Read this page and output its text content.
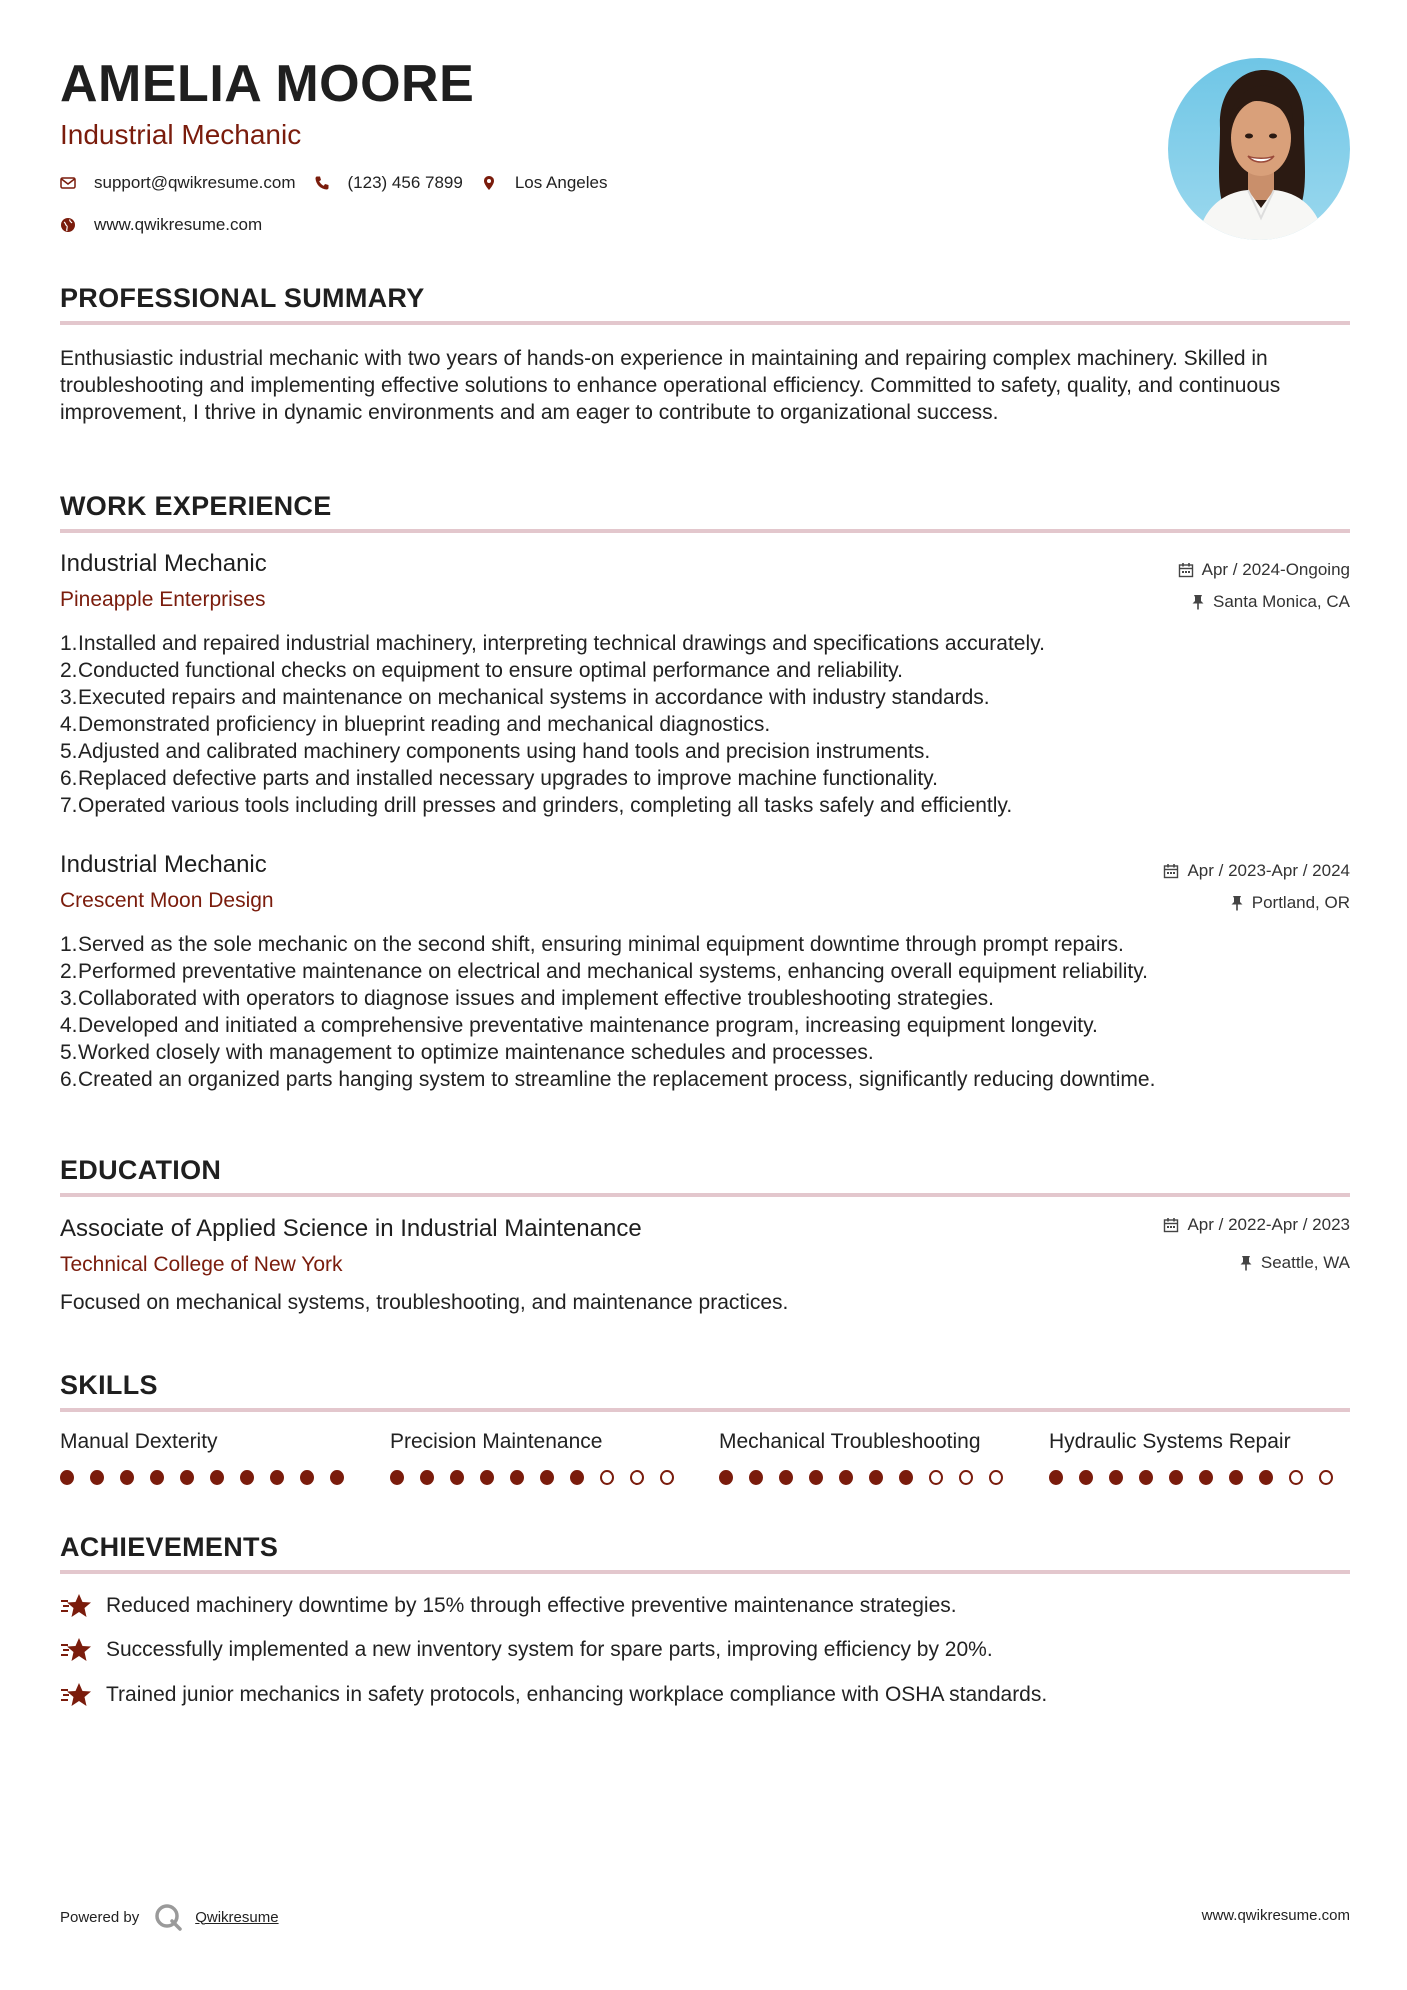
AMELIA MOORE
Industrial Mechanic
support@qwikresume.com	(123) 456 7899	Los Angeles
www.qwikresume.com
PROFESSIONAL SUMMARY
Enthusiastic industrial mechanic with two years of hands-on experience in maintaining and repairing complex machinery. Skilled in troubleshooting and implementing effective solutions to enhance operational efficiency. Committed to safety, quality, and continuous improvement, I thrive in dynamic environments and am eager to contribute to organizational success.
WORK EXPERIENCE
Industrial Mechanic
Pineapple Enterprises
Apr / 2024-Ongoing
Santa Monica, CA
1. Installed and repaired industrial machinery, interpreting technical drawings and specifications accurately.
2. Conducted functional checks on equipment to ensure optimal performance and reliability.
3. Executed repairs and maintenance on mechanical systems in accordance with industry standards.
4. Demonstrated proficiency in blueprint reading and mechanical diagnostics.
5. Adjusted and calibrated machinery components using hand tools and precision instruments.
6. Replaced defective parts and installed necessary upgrades to improve machine functionality.
7. Operated various tools including drill presses and grinders, completing all tasks safely and efficiently.
Industrial Mechanic
Crescent Moon Design
Apr / 2023-Apr / 2024
Portland, OR
1. Served as the sole mechanic on the second shift, ensuring minimal equipment downtime through prompt repairs.
2. Performed preventative maintenance on electrical and mechanical systems, enhancing overall equipment reliability.
3. Collaborated with operators to diagnose issues and implement effective troubleshooting strategies.
4. Developed and initiated a comprehensive preventative maintenance program, increasing equipment longevity.
5. Worked closely with management to optimize maintenance schedules and processes.
6. Created an organized parts hanging system to streamline the replacement process, significantly reducing downtime.
EDUCATION
Associate of Applied Science in Industrial Maintenance
Technical College of New York
Apr / 2022-Apr / 2023
Seattle, WA
Focused on mechanical systems, troubleshooting, and maintenance practices.
SKILLS
Manual Dexterity	Precision Maintenance	Mechanical Troubleshooting	Hydraulic Systems Repair
ACHIEVEMENTS
Reduced machinery downtime by 15% through effective preventive maintenance strategies.
Successfully implemented a new inventory system for spare parts, improving efficiency by 20%.
Trained junior mechanics in safety protocols, enhancing workplace compliance with OSHA standards.
Powered by	Qwikresume	www.qwikresume.com
